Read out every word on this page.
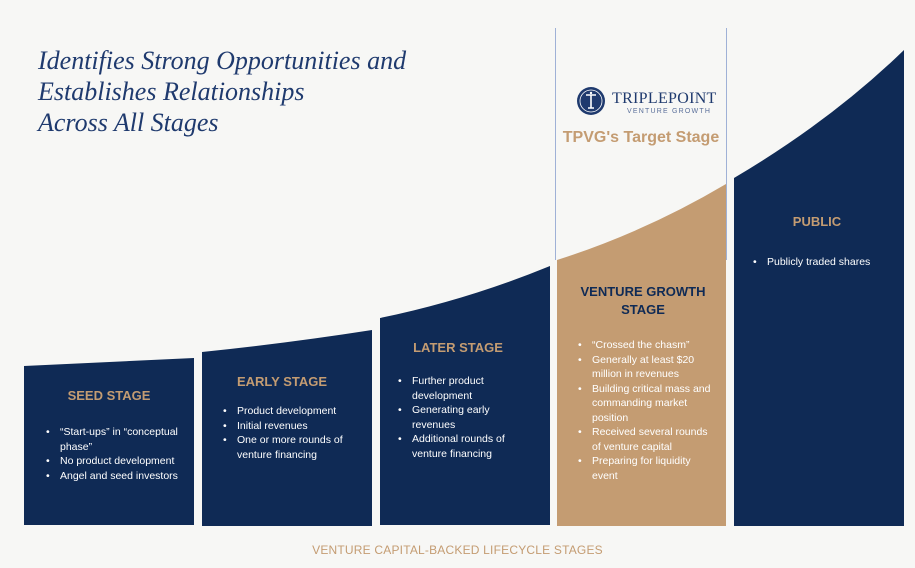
Identifies Strong Opportunities and
Establishes Relationships
Across All Stages
TRIPLEPOINT
VENTURE GROWTH
TPVG's Target Stage
SEED STAGE
• “Start-ups” in “conceptual phase”
• No product development
• Angel and seed investors
EARLY STAGE
• Product development
• Initial revenues
• One or more rounds of venture financing
LATER STAGE
• Further product development
• Generating early revenues
• Additional rounds of venture financing
VENTURE GROWTH STAGE
• “Crossed the chasm”
• Generally at least $20 million in revenues
• Building critical mass and commanding market position
• Received several rounds of venture capital
• Preparing for liquidity event
PUBLIC
• Publicly traded shares
VENTURE CAPITAL-BACKED LIFECYCLE STAGES
